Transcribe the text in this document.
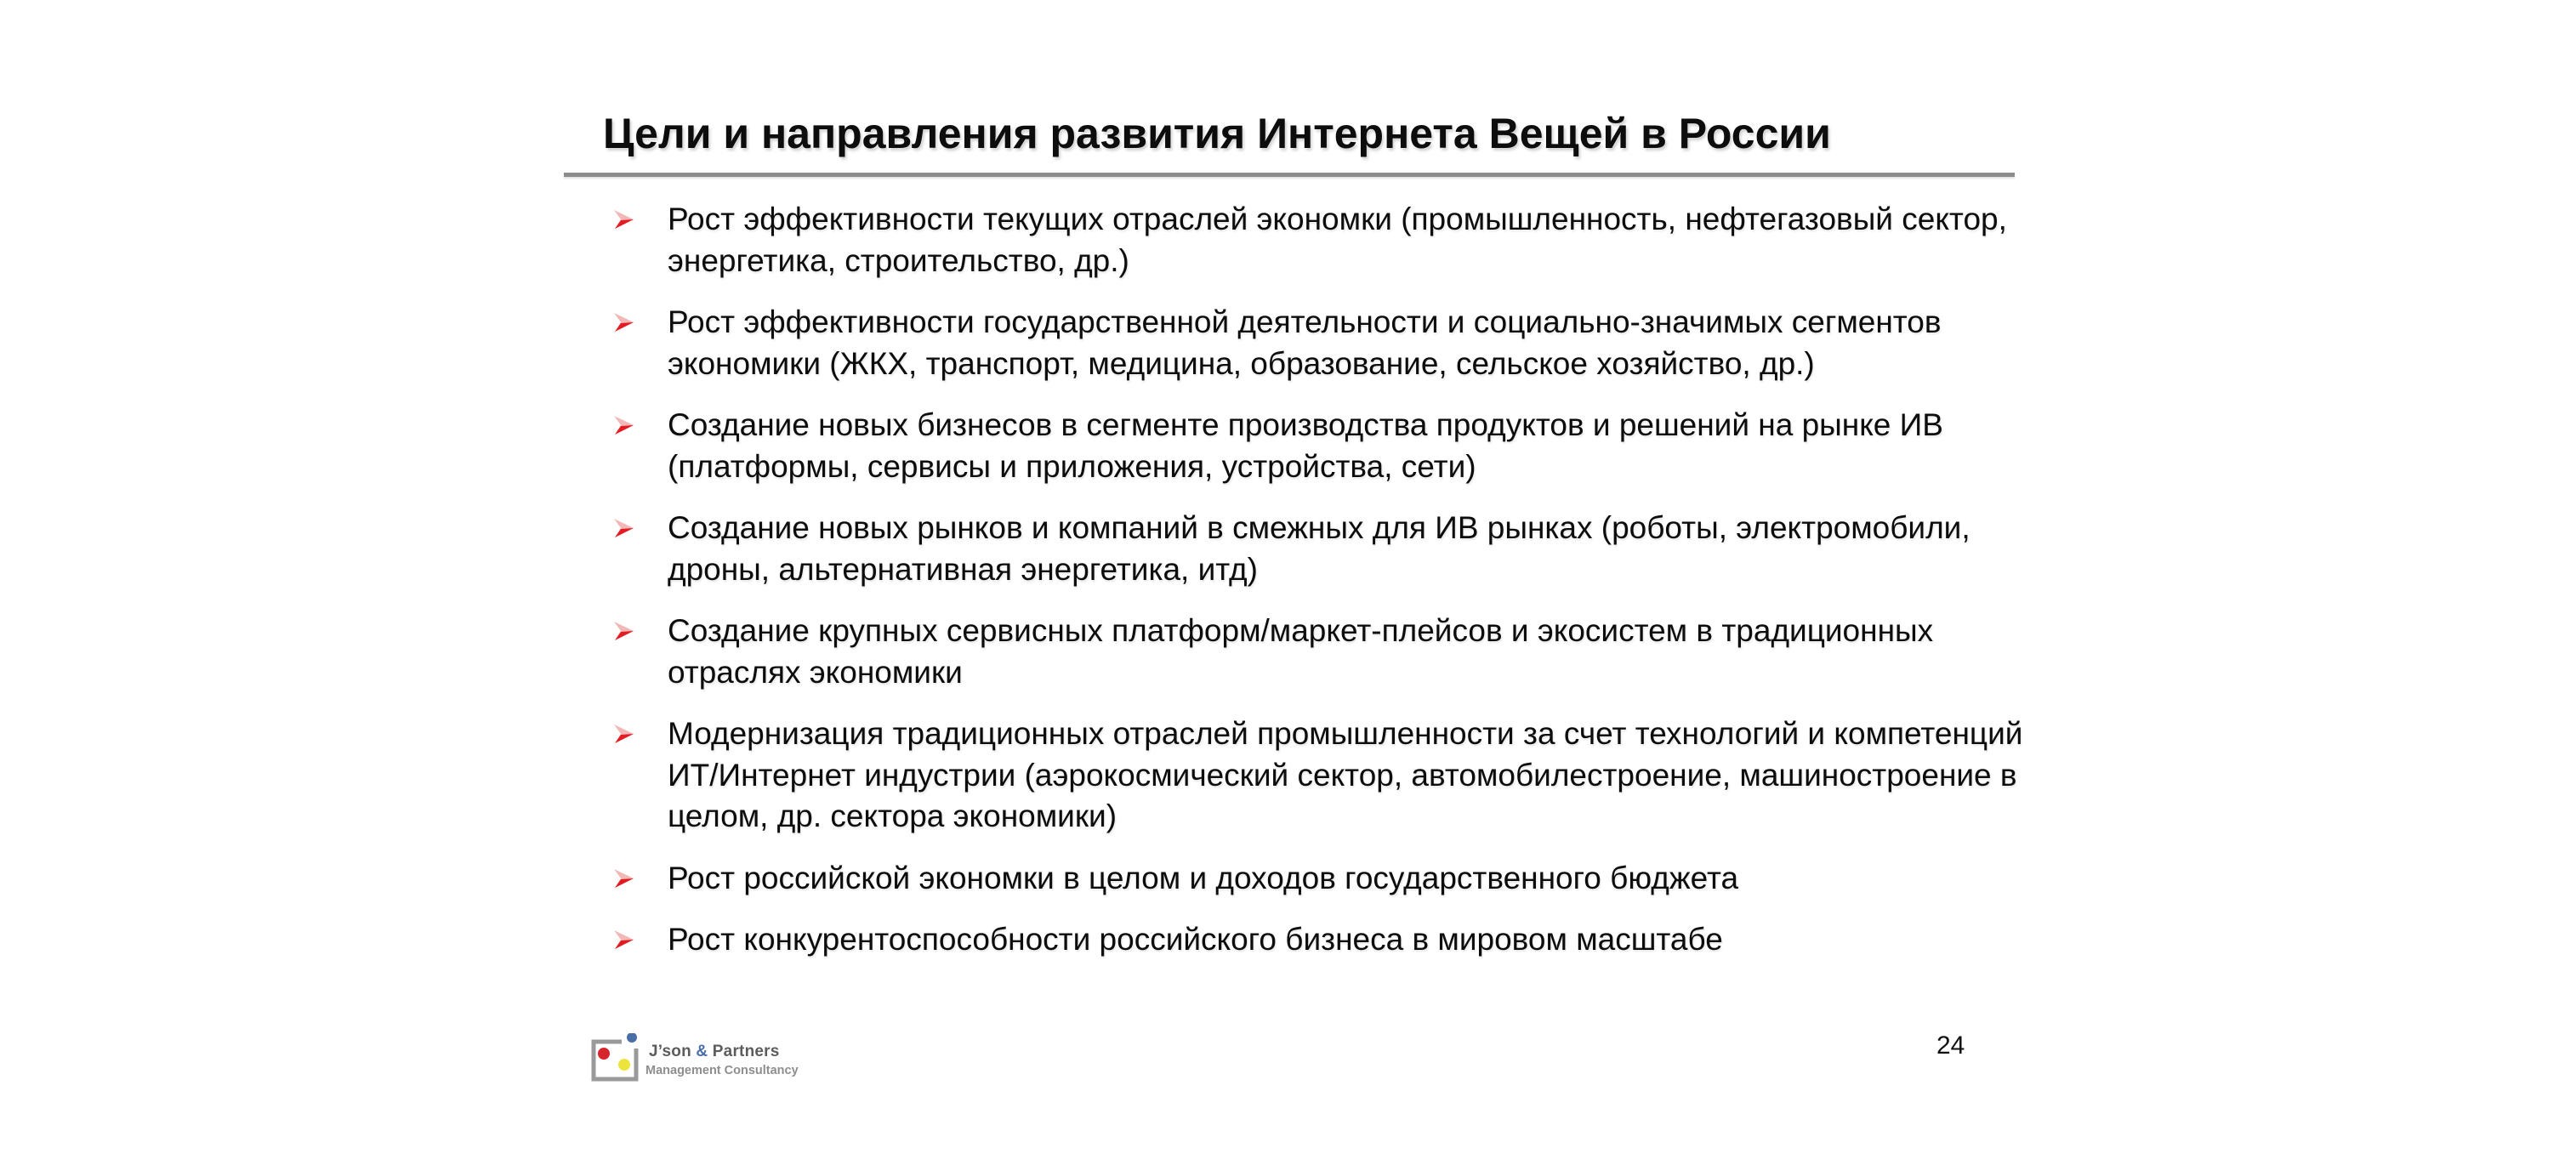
Цели и направления развития Интернета Вещей в России
Рост эффективности текущих отраслей экономки (промышленность, нефтегазовый сектор, энергетика, строительство, др.)
Рост эффективности государственной деятельности и социально-значимых сегментов экономики (ЖКХ, транспорт, медицина, образование, сельское хозяйство, др.)
Создание новых бизнесов в сегменте производства продуктов и решений на рынке ИВ (платформы, сервисы и приложения, устройства, сети)
Создание новых рынков и компаний в смежных для ИВ рынках (роботы, электромобили, дроны, альтернативная энергетика, итд)
Создание крупных сервисных платформ/маркет-плейсов и экосистем в традиционных отраслях экономики
Модернизация традиционных отраслей промышленности за счет технологий и компетенций ИТ/Интернет индустрии (аэрокосмический сектор, автомобилестроение, машиностроение в целом, др. сектора экономики)
Рост российской экономки в целом и доходов государственного бюджета
Рост конкурентоспособности российского бизнеса в мировом масштабе
J’son & Partners
Management Consultancy
24
